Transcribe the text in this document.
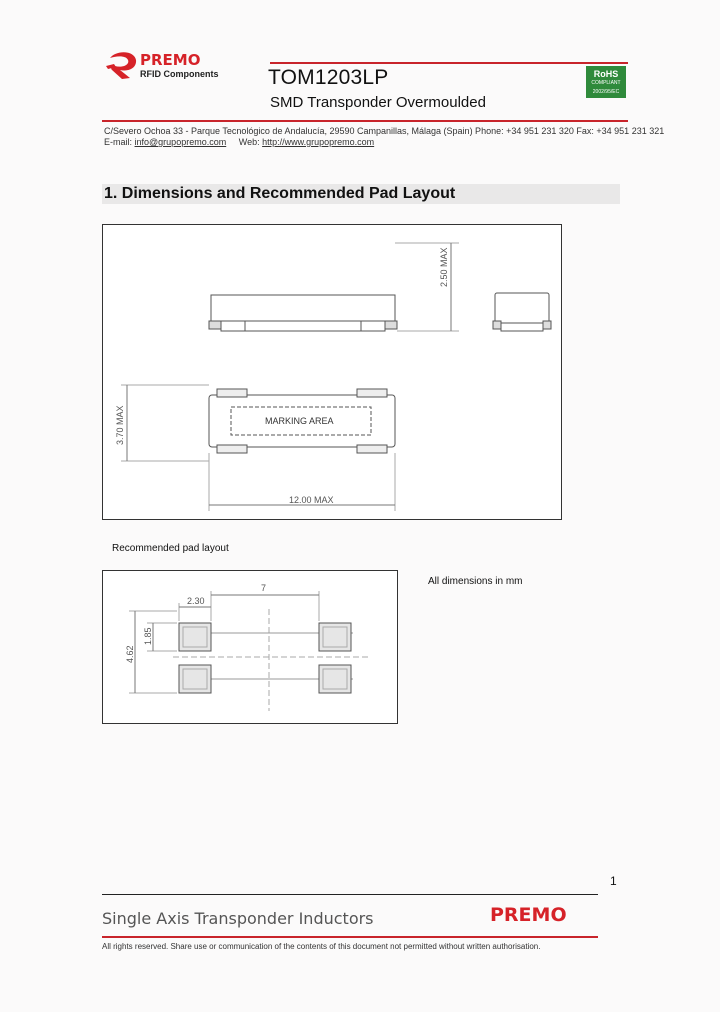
PREMO
RFID Components TOM1203LP
SMD Transponder Overmoulded
RoHS
COMPLIANT
2002/95/EC
C/Severo Ochoa 33 - Parque Tecnológico de Andalucía, 29590 Campanillas, Málaga (Spain) Phone: +34 951 231 320 Fax: +34 951 231 321
E-mail: info@grupopremo.com Web: http://www.grupopremo.com
1. Dimensions and Recommended Pad Layout
2.50 MAX
3.70 MAX
12.00 MAX
MARKING AREA
Recommended pad layout
7
2.30
1.85
4.62
All dimensions in mm
1
Single Axis Transponder Inductors	PREMO
All rights reserved. Share use or communication of the contents of this document not permitted without written authorisation.
